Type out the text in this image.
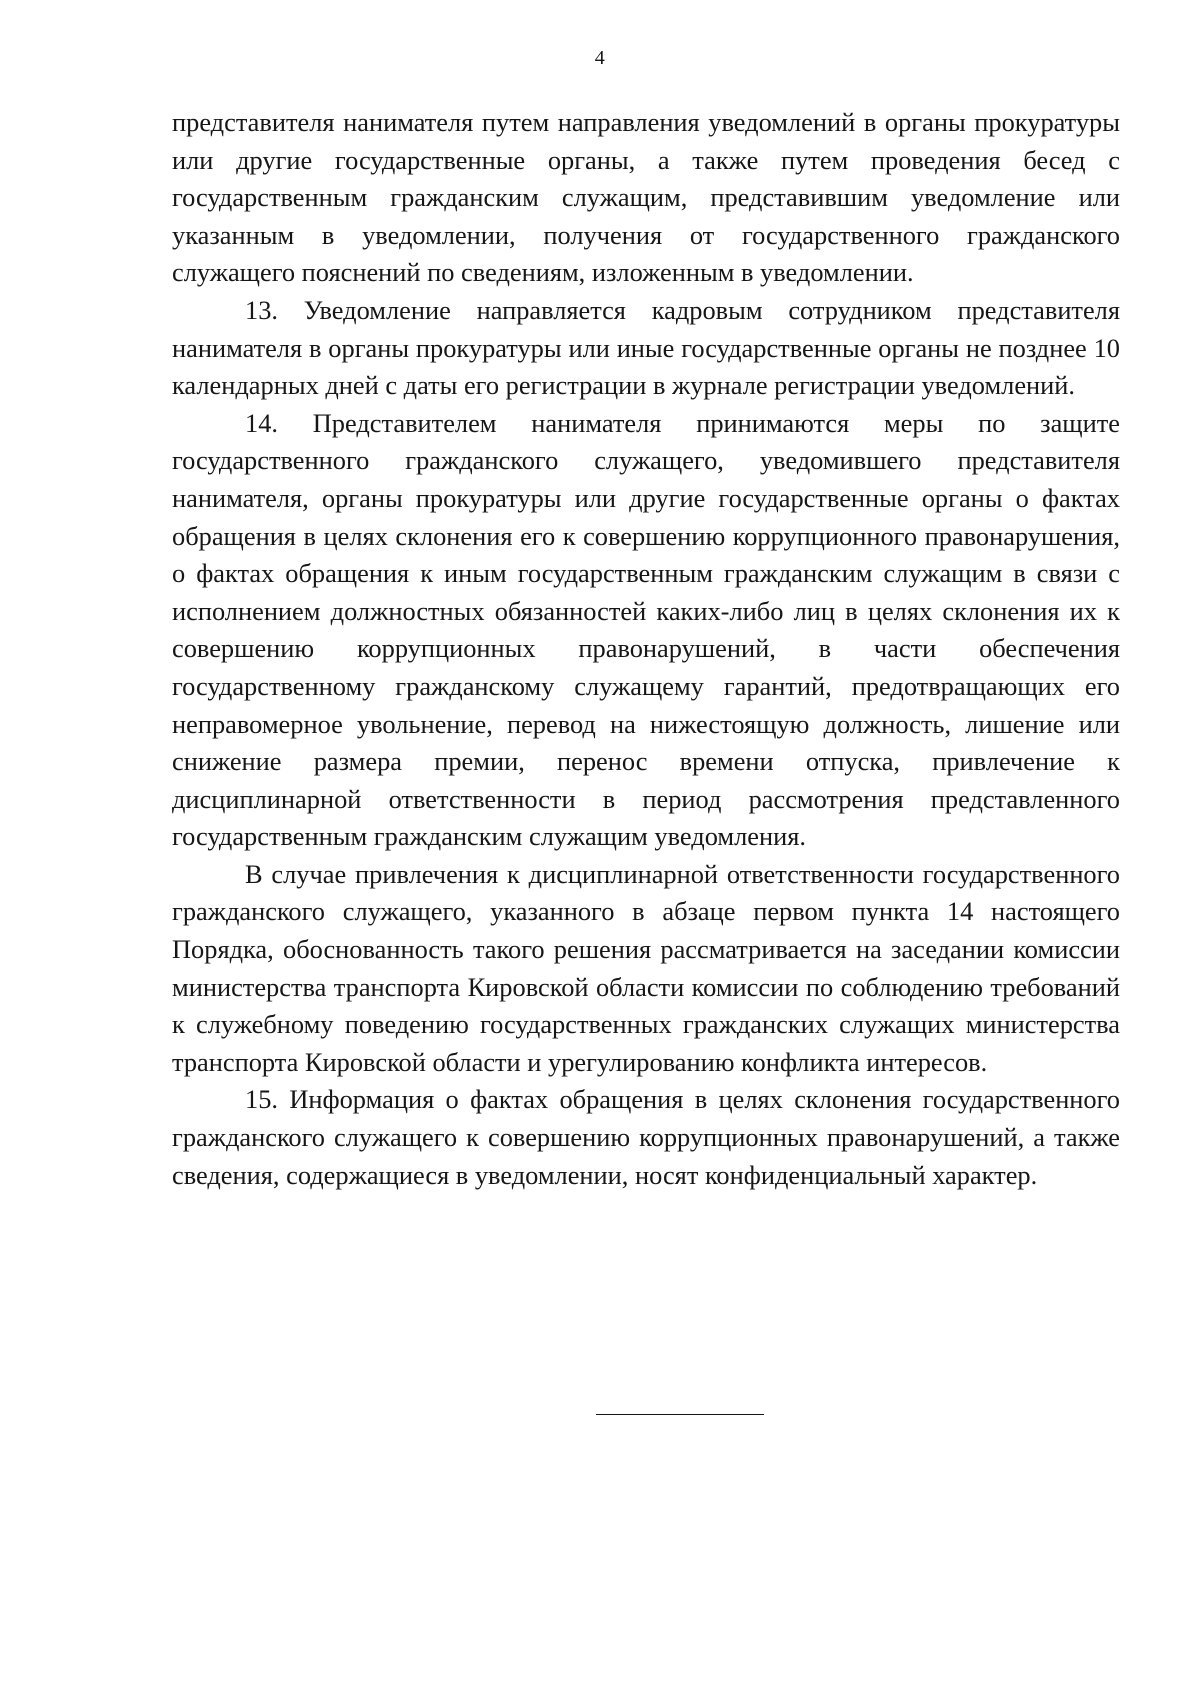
4

представителя нанимателя путем направления уведомлений в органы прокуратуры или другие государственные органы, а также путем проведения бесед с государственным гражданским служащим, представившим уведомление или указанным в уведомлении, получения от государственного гражданского служащего пояснений по сведениям, изложенным в уведомлении.

13. Уведомление направляется кадровым сотрудником представителя нанимателя в органы прокуратуры или иные государственные органы не позднее 10 календарных дней с даты его регистрации в журнале регистрации уведомлений.

14. Представителем нанимателя принимаются меры по защите государственного гражданского служащего, уведомившего представителя нанимателя, органы прокуратуры или другие государственные органы о фактах обращения в целях склонения его к совершению коррупционного правонарушения, о фактах обращения к иным государственным гражданским служащим в связи с исполнением должностных обязанностей каких-либо лиц в целях склонения их к совершению коррупционных правонарушений, в части обеспечения государственному гражданскому служащему гарантий, предотвращающих его неправомерное увольнение, перевод на нижестоящую должность, лишение или снижение размера премии, перенос времени отпуска, привлечение к дисциплинарной ответственности в период рассмотрения представленного государственным гражданским служащим уведомления.

В случае привлечения к дисциплинарной ответственности государственного гражданского служащего, указанного в абзаце первом пункта 14 настоящего Порядка, обоснованность такого решения рассматривается на заседании комиссии министерства транспорта Кировской области комиссии по соблюдению требований к служебному поведению государственных гражданских служащих министерства транспорта Кировской области и урегулированию конфликта интересов.

15. Информация о фактах обращения в целях склонения государственного гражданского служащего к совершению коррупционных правонарушений, а также сведения, содержащиеся в уведомлении, носят конфиденциальный характер.
